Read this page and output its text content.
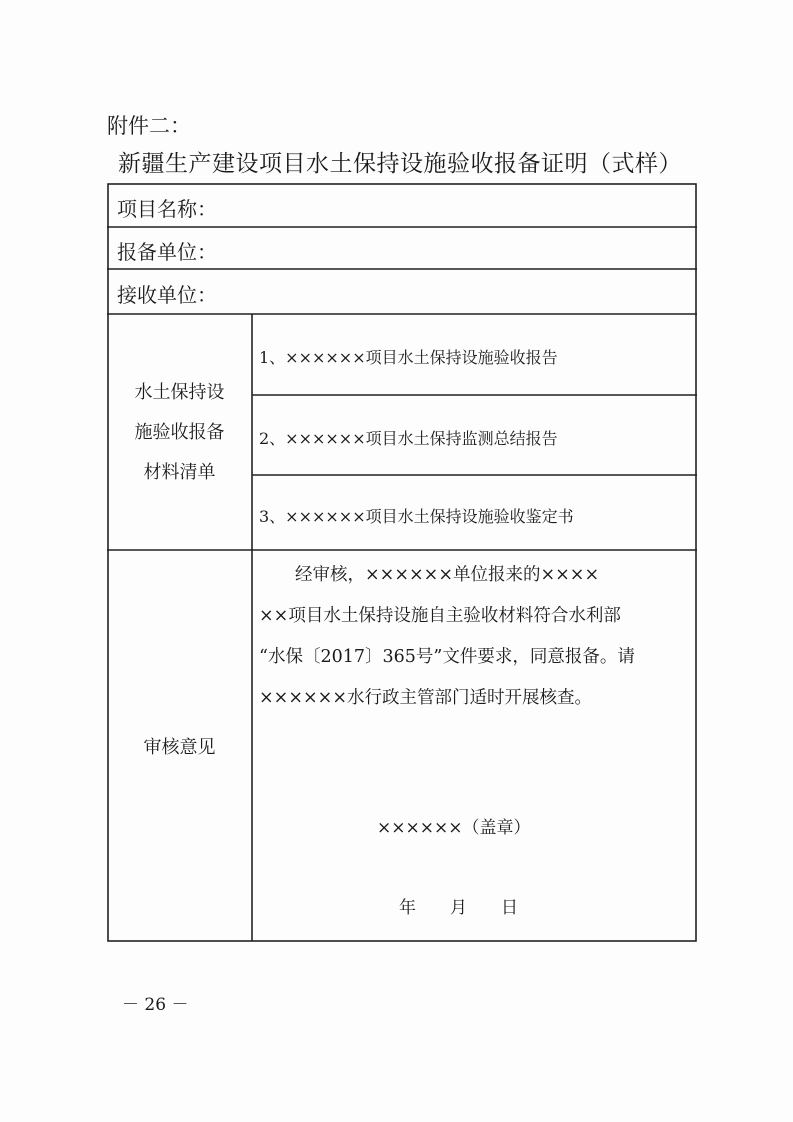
附件二：
新疆生产建设项目水土保持设施验收报备证明（式样）
项目名称：
报备单位：
接收单位：
水土保持设
施验收报备
材料清单
1、××××××项目水土保持设施验收报告
2、××××××项目水土保持监测总结报告
3、××××××项目水土保持设施验收鉴定书
审核意见

经审核，××××××单位报来的××××

××项目水土保持设施自主验收材料符合水利部

“水保〔2017〕365号”文件要求，同意报备。请

××××××水行政主管部门适时开展核查。

××××××（盖章）
年　　月　　日
－ 26 －
